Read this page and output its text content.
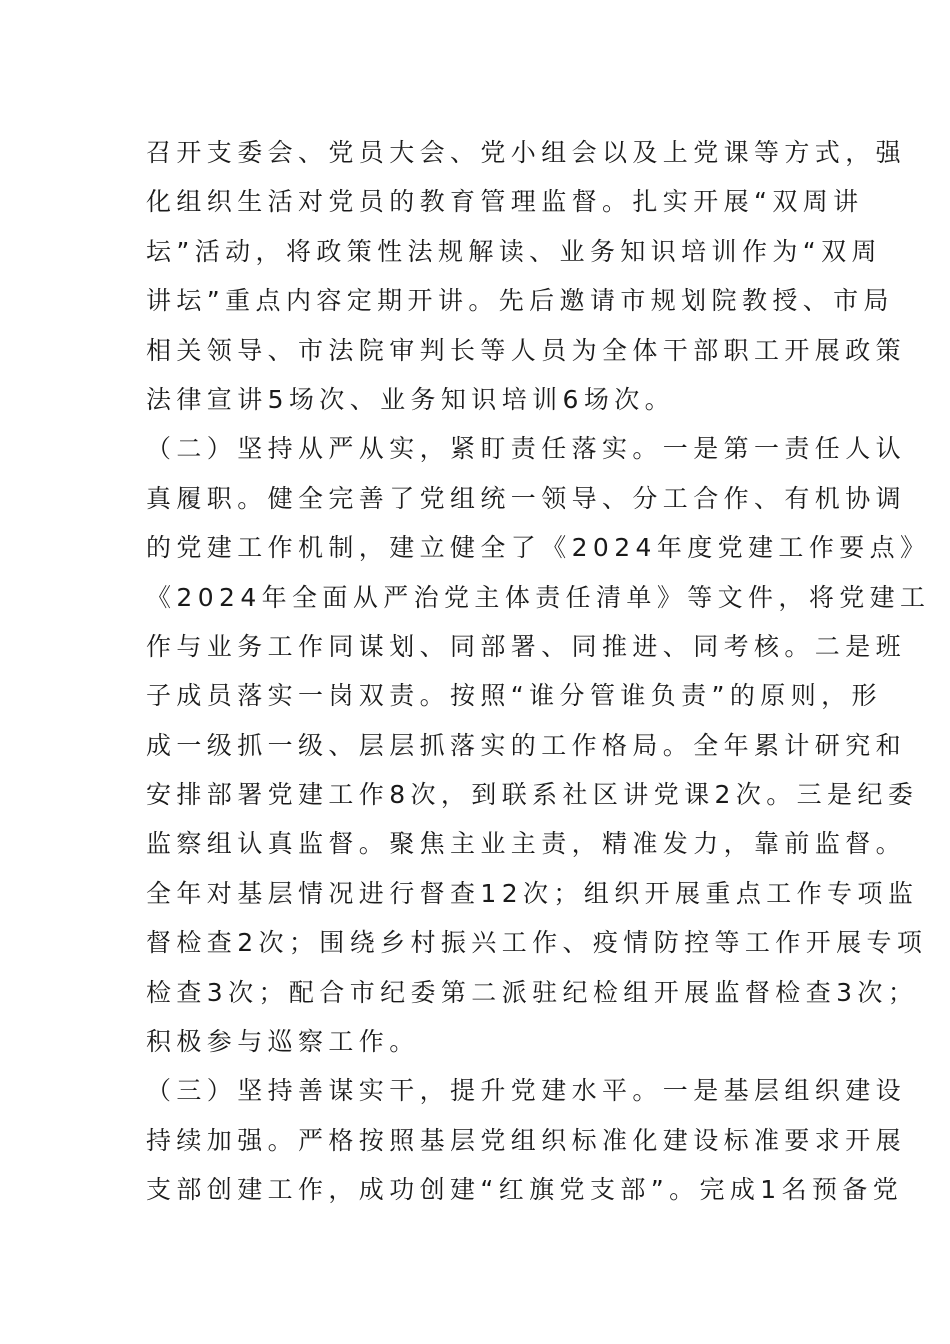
召开支委会、党员大会、党小组会以及上党课等方式，强
化组织生活对党员的教育管理监督。扎实开展“双周讲
坛”活动，将政策性法规解读、业务知识培训作为“双周
讲坛”重点内容定期开讲。先后邀请市规划院教授、市局
相关领导、市法院审判长等人员为全体干部职工开展政策
法律宣讲5场次、业务知识培训6场次。
（二）坚持从严从实，紧盯责任落实。一是第一责任人认
真履职。健全完善了党组统一领导、分工合作、有机协调
的党建工作机制，建立健全了《2024年度党建工作要点》
《2024年全面从严治党主体责任清单》等文件，将党建工
作与业务工作同谋划、同部署、同推进、同考核。二是班
子成员落实一岗双责。按照“谁分管谁负责”的原则，形
成一级抓一级、层层抓落实的工作格局。全年累计研究和
安排部署党建工作8次，到联系社区讲党课2次。三是纪委
监察组认真监督。聚焦主业主责，精准发力，靠前监督。
全年对基层情况进行督查12次；组织开展重点工作专项监
督检查2次；围绕乡村振兴工作、疫情防控等工作开展专项
检查3次；配合市纪委第二派驻纪检组开展监督检查3次；
积极参与巡察工作。
（三）坚持善谋实干，提升党建水平。一是基层组织建设
持续加强。严格按照基层党组织标准化建设标准要求开展
支部创建工作，成功创建“红旗党支部”。完成1名预备党
